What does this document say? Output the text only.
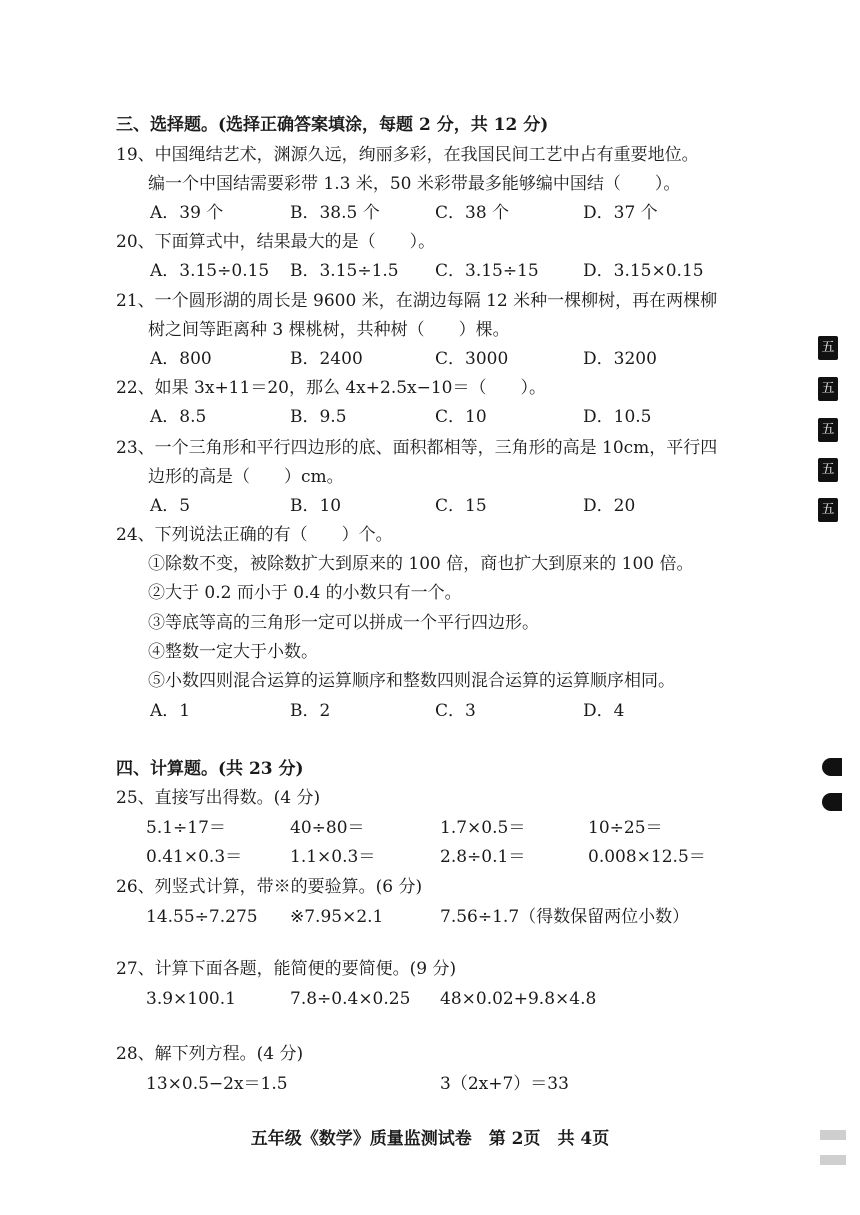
三、选择题。(选择正确答案填涂，每题 2 分，共 12 分)
19、中国绳结艺术，渊源久远，绚丽多彩，在我国民间工艺中占有重要地位。
编一个中国结需要彩带 1.3 米，50 米彩带最多能够编中国结（　　）。
A．39 个	B．38.5 个	C．38 个	D．37 个
20、下面算式中，结果最大的是（　　）。
A．3.15÷0.15 B．3.15÷1.5 C．3.15÷15	D．3.15×0.15
21、一个圆形湖的周长是 9600 米，在湖边每隔 12 米种一棵柳树，再在两棵柳
树之间等距离种 3 棵桃树，共种树（　　）棵。
A．800	B．2400	C．3000	D．3200
22、如果 3x+11＝20，那么 4x+2.5x−10＝（　　）。
A．8.5	B．9.5	C．10	D．10.5
23、一个三角形和平行四边形的底、面积都相等，三角形的高是 10cm，平行四
边形的高是（　　）cm。
A．5	B．10	C．15	D．20
24、下列说法正确的有（　　）个。
①除数不变，被除数扩大到原来的 100 倍，商也扩大到原来的 100 倍。
②大于 0.2 而小于 0.4 的小数只有一个。
③等底等高的三角形一定可以拼成一个平行四边形。
④整数一定大于小数。
⑤小数四则混合运算的运算顺序和整数四则混合运算的运算顺序相同。
A．1	B．2	C．3	D．4
四、计算题。(共 23 分)
25、直接写出得数。(4 分)
5.1÷17＝	40÷80＝	1.7×0.5＝	10÷25＝
0.41×0.3＝	1.1×0.3＝	2.8÷0.1＝	0.008×12.5＝
26、列竖式计算，带※的要验算。(6 分)
14.55÷7.275 ※7.95×2.1	7.56÷1.7（得数保留两位小数）
27、计算下面各题，能简便的要简便。(9 分)
3.9×100.1	7.8÷0.4×0.25 48×0.02+9.8×4.8
28、解下列方程。(4 分)
13×0.5−2x＝1.5	3（2x+7）＝33
五年级《数学》质量监测试卷　第 2页　共 4页
五
五
五
五
五
